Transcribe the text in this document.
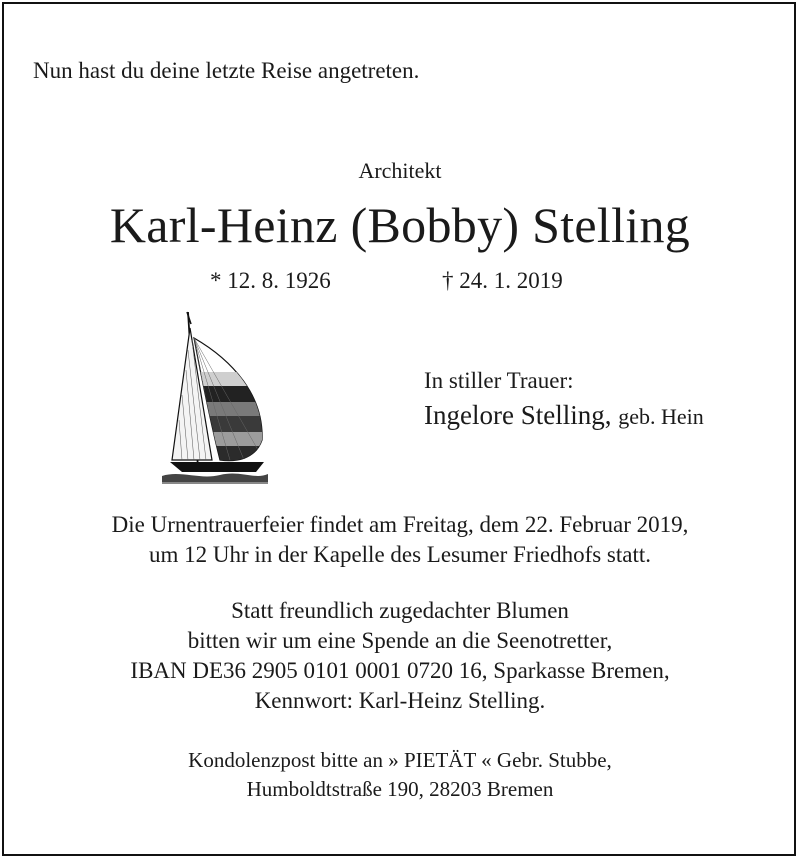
Nun hast du deine letzte Reise angetreten.
Architekt
Karl-Heinz (Bobby) Stelling
* 12. 8. 1926	† 24. 1. 2019
In stiller Trauer:
Ingelore Stelling, geb. Hein
Die Urnentrauerfeier findet am Freitag, dem 22. Februar 2019,
um 12 Uhr in der Kapelle des Lesumer Friedhofs statt.
Statt freundlich zugedachter Blumen
bitten wir um eine Spende an die Seenotretter,
IBAN DE36 2905 0101 0001 0720 16, Sparkasse Bremen,
Kennwort: Karl-Heinz Stelling.
Kondolenzpost bitte an » PIETÄT « Gebr. Stubbe,
Humboldtstraße 190, 28203 Bremen
